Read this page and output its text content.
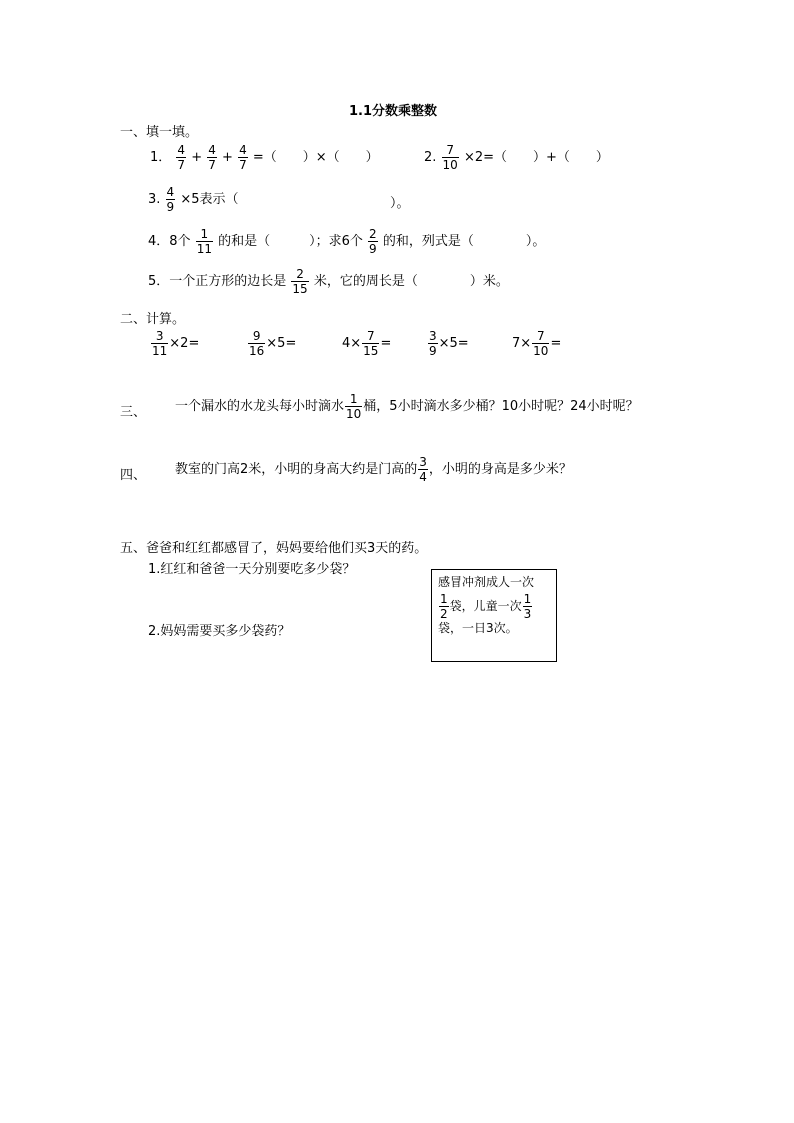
1.1分数乘整数
一、填一填。
1． $\frac{4}{7} + \frac{4}{7} + \frac{4}{7}$ =（　　）×（　　）	2. $\frac{7}{10} \times 2=$（　　）+（　　）
3. $\frac{4}{9} \times 5$表示（	）。
4．8个 $\frac{1}{11}$ 的和是（　　　）；求6个 $\frac{2}{9}$ 的和，列式是（　　　　）。
5．一个正方形的边长是 $\frac{2}{15}$ 米，它的周长是（　　　　）米。
二、计算。
$\frac{3}{11} \times 2=$	$\frac{9}{16} \times 5=$	$4\times \frac{7}{15}$ =	$\frac{3}{9} \times 5=$	$7\times \frac{7}{10}$ =
三、 一个漏水的水龙头每小时滴水 $\frac{1}{10}$ 桶，5小时滴水多少桶？10小时呢？24小时呢？
四、 教室的门高2米，小明的身高大约是门高的 $\frac{3}{4}$ ，小明的身高是多少米？
五、爸爸和红红都感冒了，妈妈要给他们买3天的药。
1.红红和爸爸一天分别要吃多少袋？
2.妈妈需要买多少袋药？
感冒冲剂成人一次
$\frac{1}{2}$ 袋，儿童一次 $\frac{1}{3}$
袋，一日3次。
